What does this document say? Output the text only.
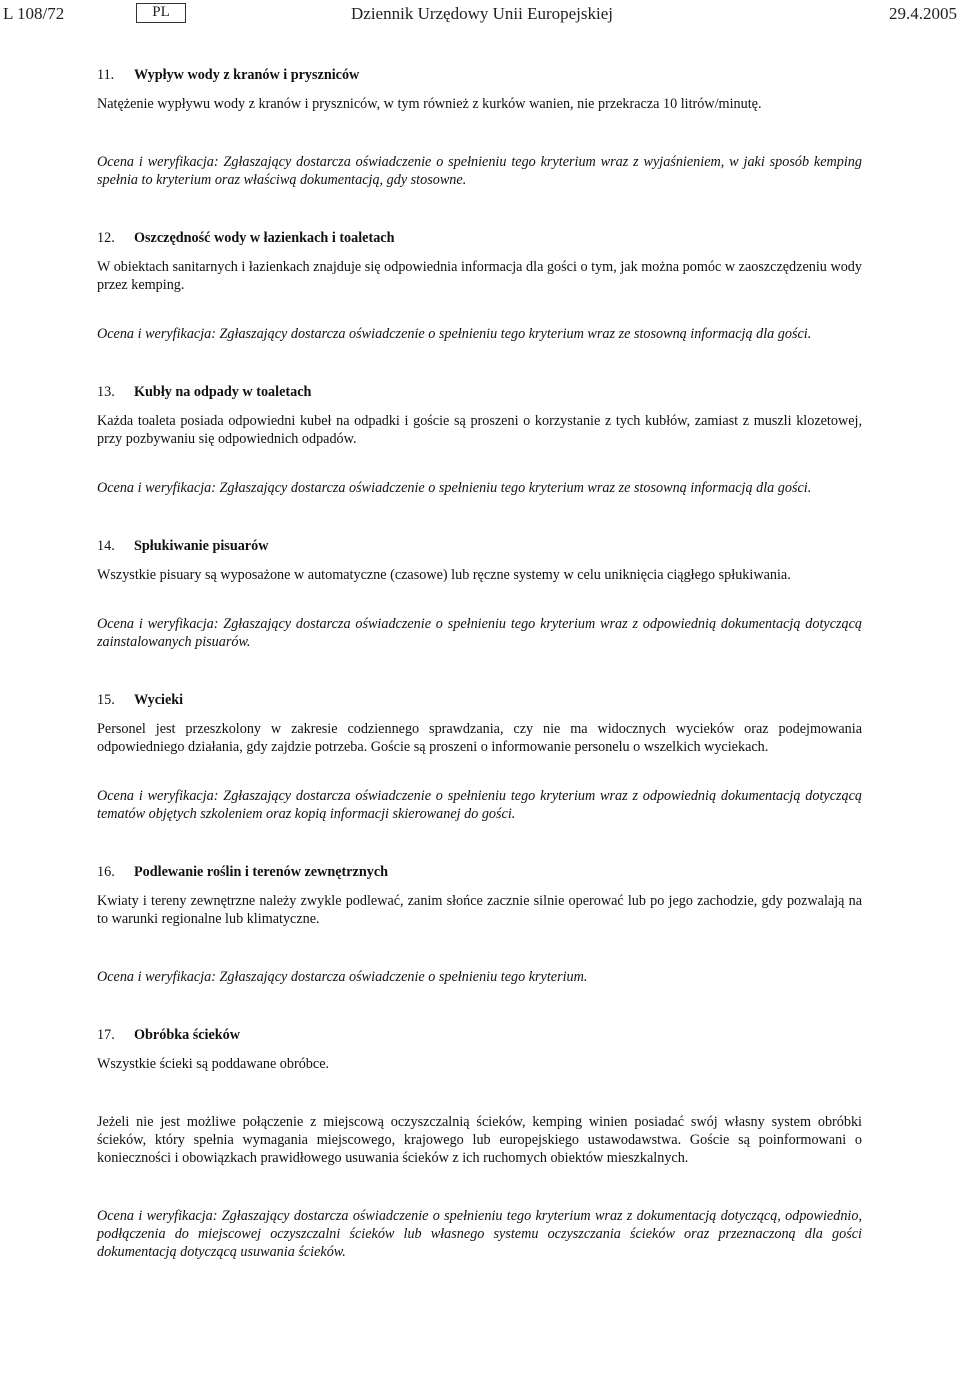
L 108/72	PL	Dziennik Urzędowy Unii Europejskiej	29.4.2005
11.	Wypływ wody z kranów i pryszniców

Natężenie wypływu wody z kranów i pryszniców, w tym również z kurków wanien, nie przekracza 10 litrów/minutę.

Ocena i weryfikacja: Zgłaszający dostarcza oświadczenie o spełnieniu tego kryterium wraz z wyjaśnieniem, w jaki sposób kemping spełnia to kryterium oraz właściwą dokumentacją, gdy stosowne.

12.	Oszczędność wody w łazienkach i toaletach

W obiektach sanitarnych i łazienkach znajduje się odpowiednia informacja dla gości o tym, jak można pomóc w zaoszczędzeniu wody przez kemping.

Ocena i weryfikacja: Zgłaszający dostarcza oświadczenie o spełnieniu tego kryterium wraz ze stosowną informacją dla gości.

13.	Kubły na odpady w toaletach

Każda toaleta posiada odpowiedni kubeł na odpadki i goście są proszeni o korzystanie z tych kubłów, zamiast z muszli klozetowej, przy pozbywaniu się odpowiednich odpadów.

Ocena i weryfikacja: Zgłaszający dostarcza oświadczenie o spełnieniu tego kryterium wraz ze stosowną informacją dla gości.

14.	Spłukiwanie pisuarów

Wszystkie pisuary są wyposażone w automatyczne (czasowe) lub ręczne systemy w celu uniknięcia ciągłego spłukiwania.

Ocena i weryfikacja: Zgłaszający dostarcza oświadczenie o spełnieniu tego kryterium wraz z odpowiednią dokumentacją dotyczącą zainstalowanych pisuarów.

15.	Wycieki

Personel jest przeszkolony w zakresie codziennego sprawdzania, czy nie ma widocznych wycieków oraz podejmowania odpowiedniego działania, gdy zajdzie potrzeba. Goście są proszeni o informowanie personelu o wszelkich wyciekach.

Ocena i weryfikacja: Zgłaszający dostarcza oświadczenie o spełnieniu tego kryterium wraz z odpowiednią dokumentacją dotyczącą tematów objętych szkoleniem oraz kopią informacji skierowanej do gości.

16.	Podlewanie roślin i terenów zewnętrznych

Kwiaty i tereny zewnętrzne należy zwykle podlewać, zanim słońce zacznie silnie operować lub po jego zachodzie, gdy pozwalają na to warunki regionalne lub klimatyczne.

Ocena i weryfikacja: Zgłaszający dostarcza oświadczenie o spełnieniu tego kryterium.

17.	Obróbka ścieków

Wszystkie ścieki są poddawane obróbce.

Jeżeli nie jest możliwe połączenie z miejscową oczyszczalnią ścieków, kemping winien posiadać swój własny system obróbki ścieków, który spełnia wymagania miejscowego, krajowego lub europejskiego ustawodawstwa. Goście są poinformowani o konieczności i obowiązkach prawidłowego usuwania ścieków z ich ruchomych obiektów mieszkalnych.

Ocena i weryfikacja: Zgłaszający dostarcza oświadczenie o spełnieniu tego kryterium wraz z dokumentacją dotyczącą, odpowiednio, podłączenia do miejscowej oczyszczalni ścieków lub własnego systemu oczyszczania ścieków oraz przeznaczoną dla gości dokumentacją dotyczącą usuwania ścieków.
